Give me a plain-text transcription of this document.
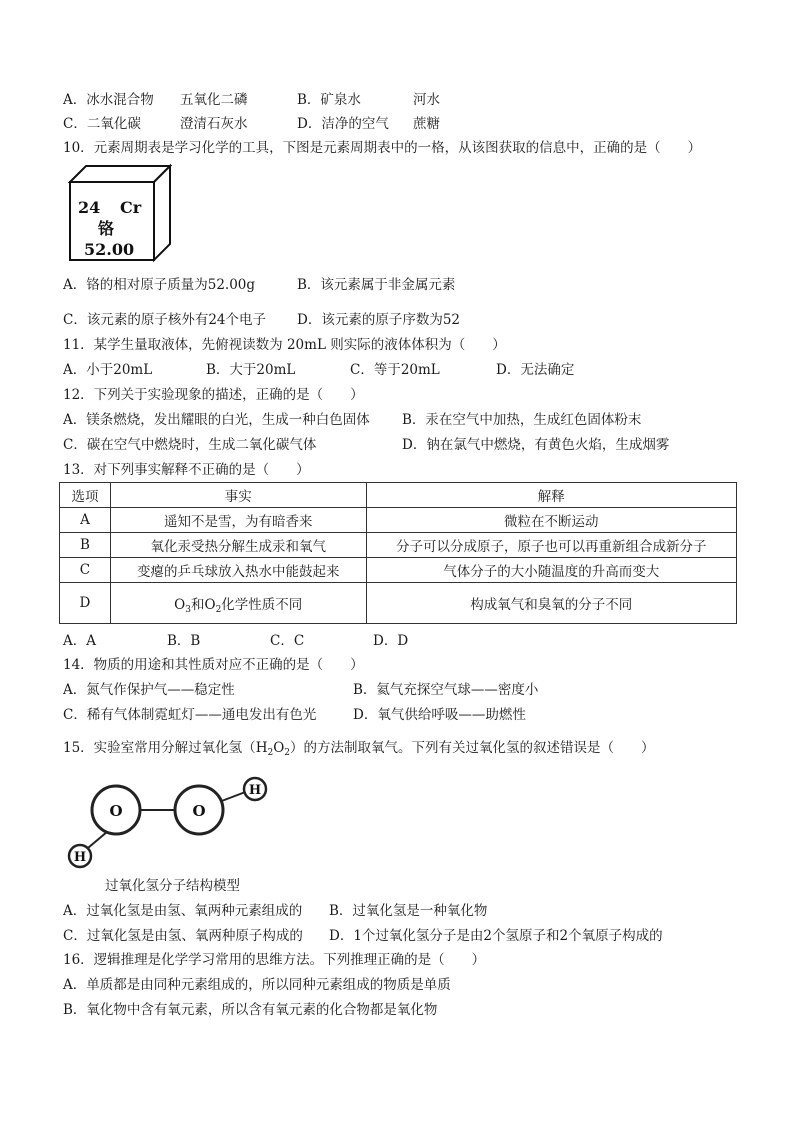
A．冰水混合物 五氧化二磷	B．矿泉水	河水
C．二氧化碳	澄清石灰水	D．洁净的空气 蔗糖
10．元素周期表是学习化学的工具，下图是元素周期表中的一格，从该图获取的信息中，正确的是（　　）
24 Cr
铬
52.00
A．铬的相对原子质量为52.00g	B．该元素属于非金属元素
C．该元素的原子核外有24个电子 D．该元素的原子序数为52
11．某学生量取液体，先俯视读数为 20mL 则实际的液体体积为（　　）
A．小于20mL	B．大于20mL	C．等于20mL	D．无法确定
12．下列关于实验现象的描述，正确的是（　　）
A．镁条燃烧，发出耀眼的白光，生成一种白色固体 B．汞在空气中加热，生成红色固体粉末
C．碳在空气中燃烧时，生成二氧化碳气体	D．钠在氯气中燃烧，有黄色火焰，生成烟雾
13．对下列事实解释不正确的是（　　）
选项	事实	解释
A	遥知不是雪，为有暗香来	微粒在不断运动
B	氧化汞受热分解生成汞和氧气	分子可以分成原子，原子也可以再重新组合成新分子
C	变瘪的乒乓球放入热水中能鼓起来	气体分子的大小随温度的升高而变大
D	$O_3$和$O_2$化学性质不同	构成氧气和臭氧的分子不同
A．A	B．B	C．C	D．D
14．物质的用途和其性质对应不正确的是（　　）
A．氮气作保护气——稳定性	B．氦气充探空气球——密度小
C．稀有气体制霓虹灯——通电发出有色光	D．氧气供给呼吸——助燃性
15．实验室常用分解过氧化氢$(H_2O_2)$的方法制取氧气。下列有关过氧化氢的叙述错误是（　　）
O	O
H
H
过氧化氢分子结构模型
A．过氧化氢是由氢、氧两种元素组成的 B．过氧化氢是一种氧化物
C．过氧化氢是由氢、氧两种原子构成的 D．1个过氧化氢分子是由2个氢原子和2个氧原子构成的
16．逻辑推理是化学学习常用的思维方法。下列推理正确的是（　　）
A．单质都是由同种元素组成的，所以同种元素组成的物质是单质
B．氧化物中含有氧元素，所以含有氧元素的化合物都是氧化物
